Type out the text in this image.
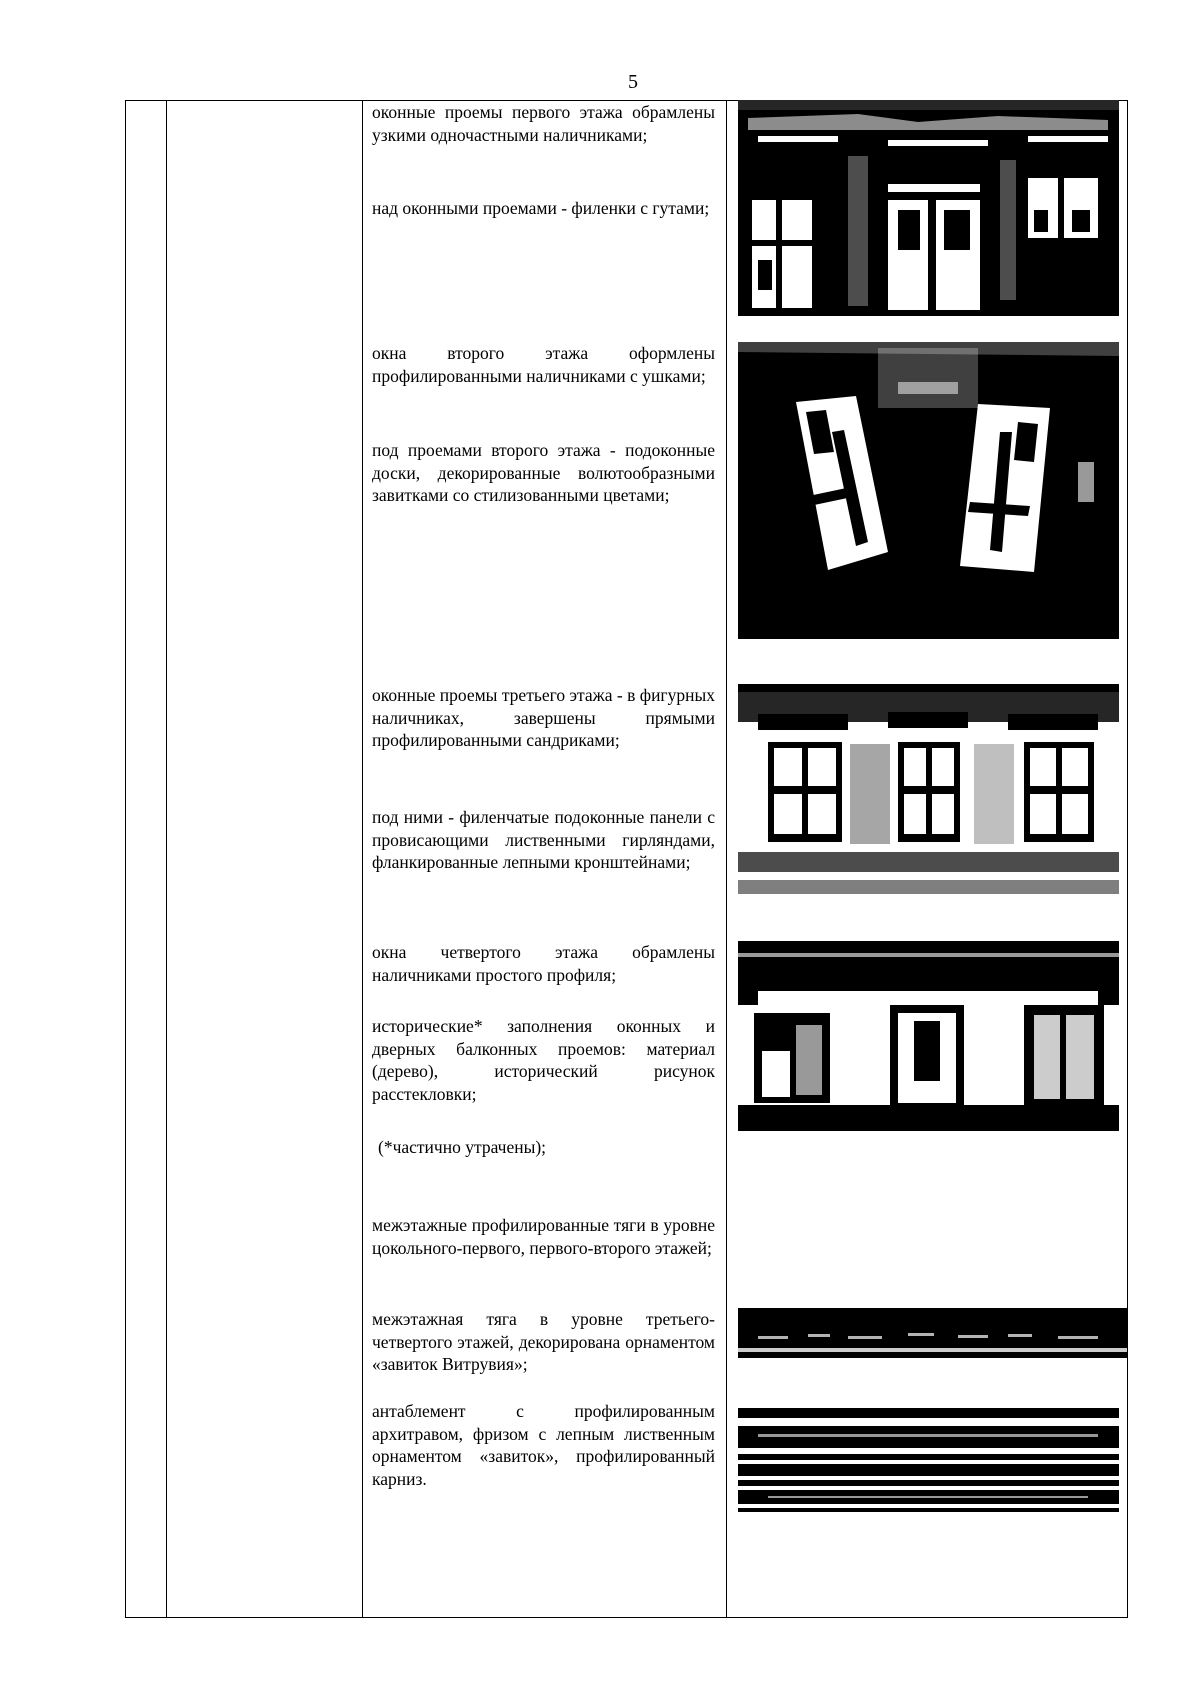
5
оконные проемы первого этажа обрамлены узкими одночастными наличниками;
над оконными проемами - филенки с гутами;
окна второго этажа оформлены профилированными наличниками с ушками;
под проемами второго этажа - подоконные доски, декорированные волютообразными завитками со стилизованными цветами;
оконные проемы третьего этажа - в фигурных наличниках, завершены прямыми профилированными сандриками;
под ними - филенчатые подоконные панели с провисающими лиственными гирляндами, фланкированные лепными кронштейнами;
окна четвертого этажа обрамлены наличниками простого профиля;
исторические* заполнения оконных и дверных балконных проемов: материал (дерево), исторический рисунок расстекловки;
(*частично утрачены);
межэтажные профилированные тяги в уровне цокольного-первого, первого-второго этажей;
межэтажная тяга в уровне третьего-четвертого этажей, декорирована орнаментом «завиток Витрувия»;
антаблемент с профилированным архитравом, фризом с лепным лиственным орнаментом «завиток», профилированный карниз.
